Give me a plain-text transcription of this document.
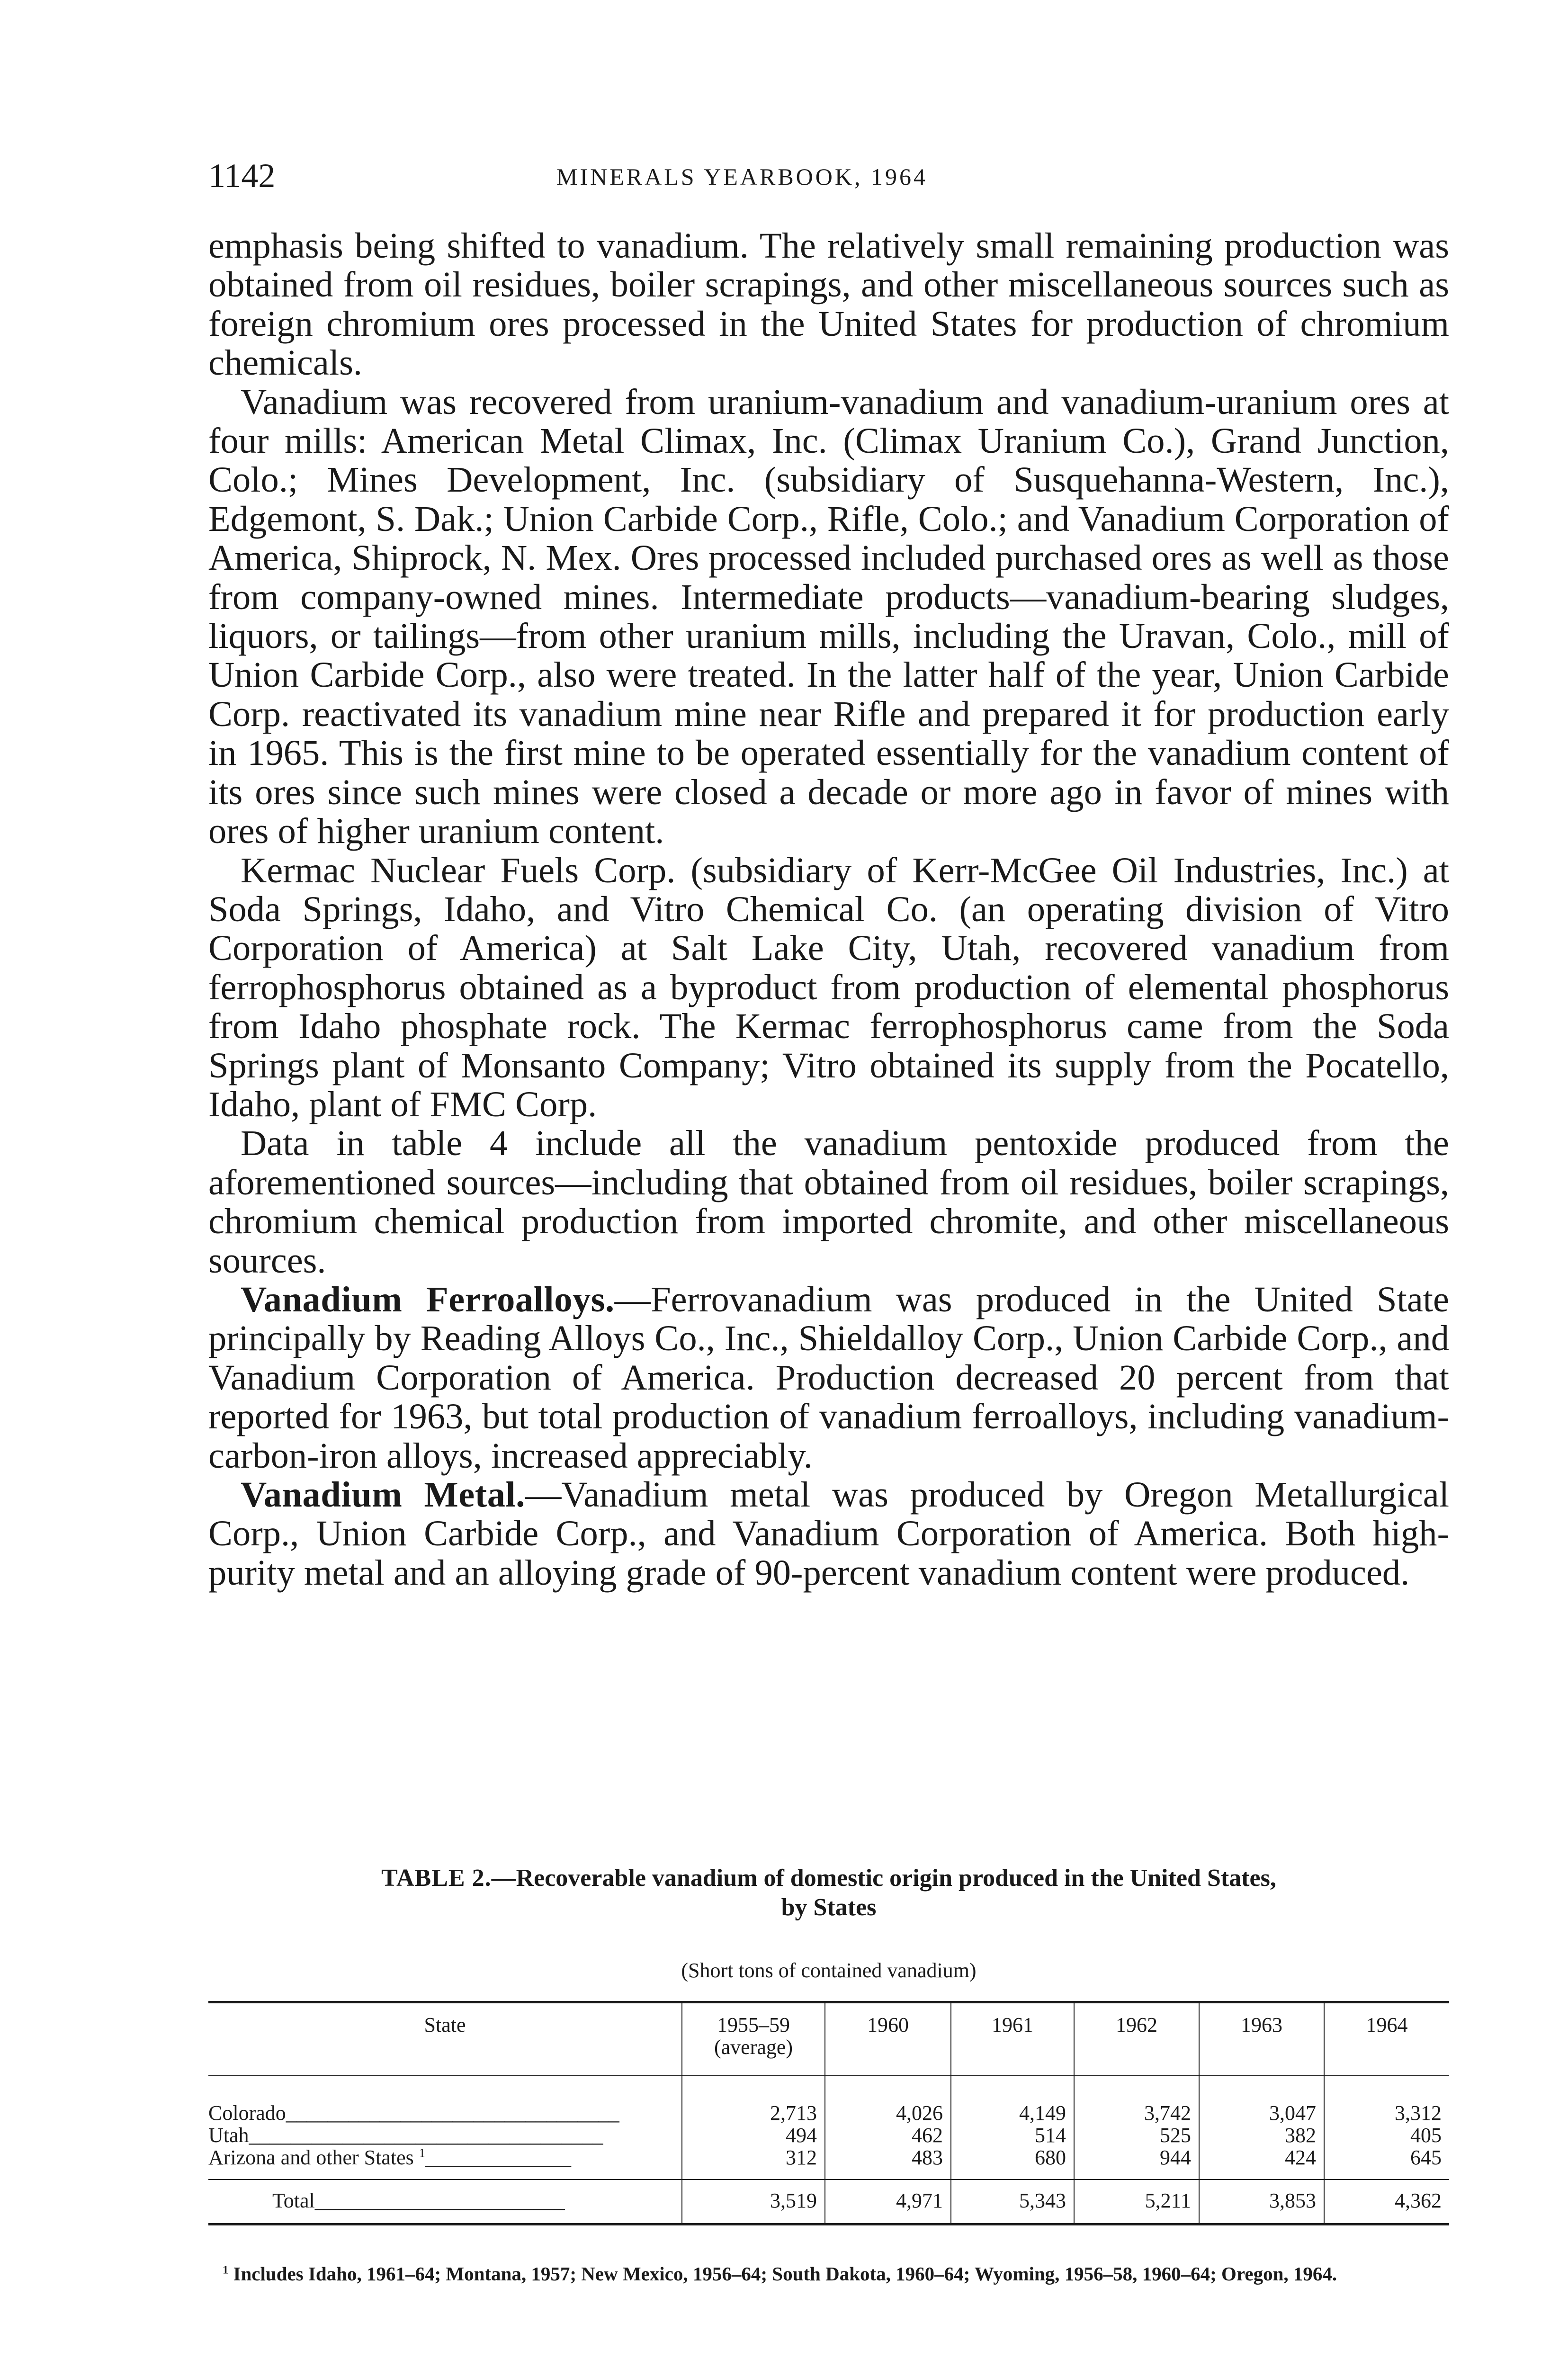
1142	MINERALS YEARBOOK, 1964

emphasis being shifted to vanadium. The relatively small remaining production was obtained from oil residues, boiler scrapings, and other miscellaneous sources such as foreign chromium ores processed in the United States for production of chromium chemicals.

Vanadium was recovered from uranium-vanadium and vanadium-uranium ores at four mills: American Metal Climax, Inc. (Climax Uranium Co.), Grand Junction, Colo.; Mines Development, Inc. (subsidiary of Susquehanna-Western, Inc.), Edgemont, S. Dak.; Union Carbide Corp., Rifle, Colo.; and Vanadium Corporation of America, Shiprock, N. Mex. Ores processed included purchased ores as well as those from company-owned mines. Intermediate products—vanadium-bearing sludges, liquors, or tailings—from other uranium mills, including the Uravan, Colo., mill of Union Carbide Corp., also were treated. In the latter half of the year, Union Carbide Corp. reactivated its vanadium mine near Rifle and prepared it for production early in 1965. This is the first mine to be operated essentially for the vanadium content of its ores since such mines were closed a decade or more ago in favor of mines with ores of higher uranium content.

Kermac Nuclear Fuels Corp. (subsidiary of Kerr-McGee Oil Industries, Inc.) at Soda Springs, Idaho, and Vitro Chemical Co. (an operating division of Vitro Corporation of America) at Salt Lake City, Utah, recovered vanadium from ferrophosphorus obtained as a byproduct from production of elemental phosphorus from Idaho phosphate rock. The Kermac ferrophosphorus came from the Soda Springs plant of Monsanto Company; Vitro obtained its supply from the Pocatello, Idaho, plant of FMC Corp.

Data in table 4 include all the vanadium pentoxide produced from the aforementioned sources—including that obtained from oil residues, boiler scrapings, chromium chemical production from imported chromite, and other miscellaneous sources.

Vanadium Ferroalloys.—Ferrovanadium was produced in the United State principally by Reading Alloys Co., Inc., Shieldalloy Corp., Union Carbide Corp., and Vanadium Corporation of America. Production decreased 20 percent from that reported for 1963, but total production of vanadium ferroalloys, including vanadium-carbon-iron alloys, increased appreciably.

Vanadium Metal.—Vanadium metal was produced by Oregon Metallurgical Corp., Union Carbide Corp., and Vanadium Corporation of America. Both high-purity metal and an alloying grade of 90-percent vanadium content were produced.

TABLE 2.—Recoverable vanadium of domestic origin produced in the United States,
by States
(Short tons of contained vanadium)
State	1955–59 (average)	1960	1961	1962	1963	1964
Colorado________________________________	2,713	4,026	4,149	3,742	3,047	3,312
Utah__________________________________	494	462	514	525	382	405
Arizona and other States $^1$______________	312	483	680	944	424	645
Total________________________	3,519	4,971	5,343	5,211	3,853	4,362

$^1$ Includes Idaho, 1961–64; Montana, 1957; New Mexico, 1956–64; South Dakota, 1960–64; Wyoming, 1956–58, 1960–64; Oregon, 1964.
